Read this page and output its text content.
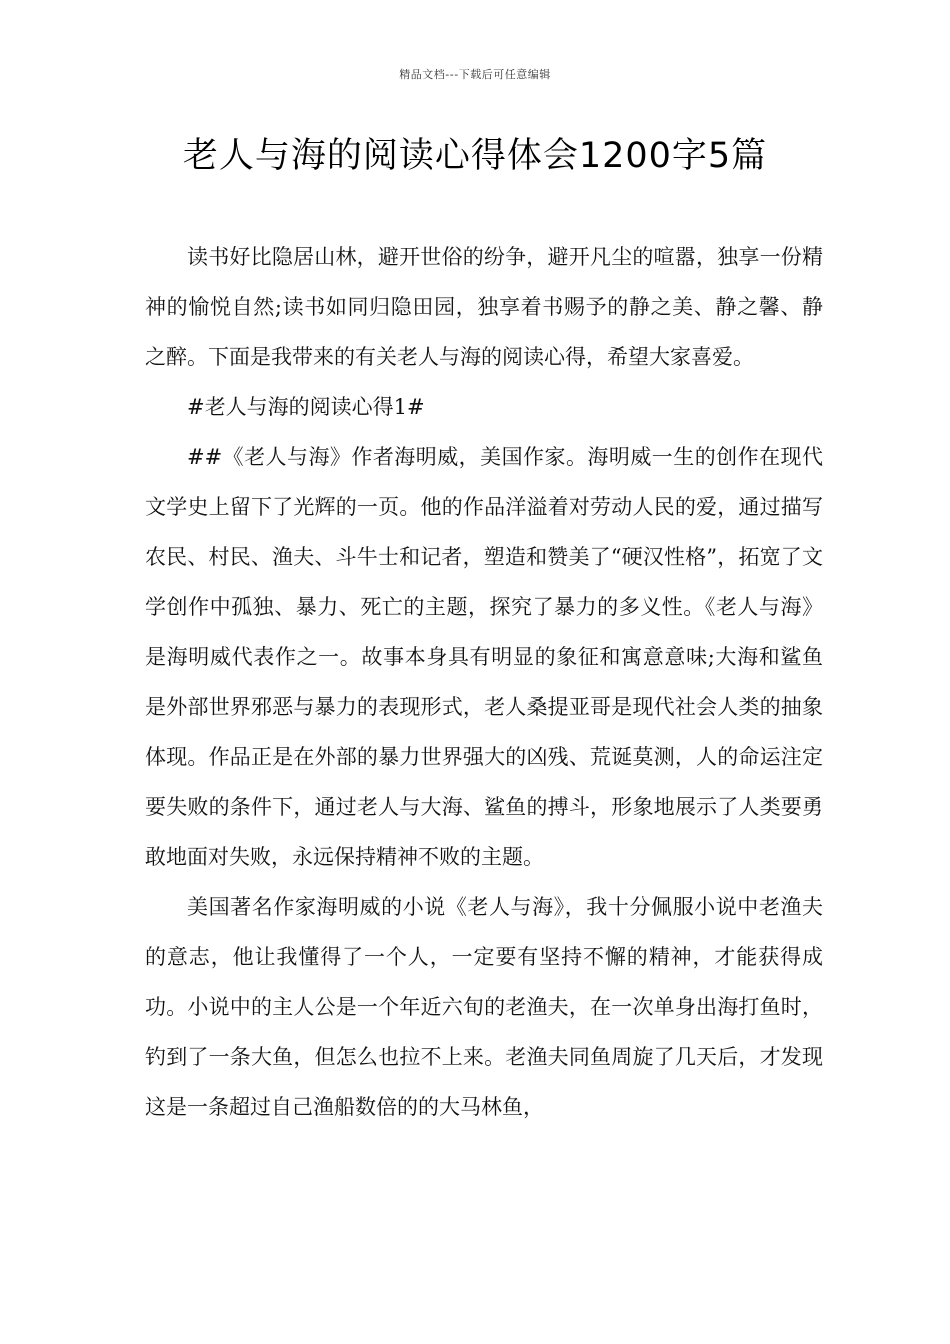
精品文档---下载后可任意编辑
老人与海的阅读心得体会1200字5篇

读书好比隐居山林，避开世俗的纷争，避开凡尘的喧嚣，独享一份精神的愉悦自然;读书如同归隐田园，独享着书赐予的静之美、静之馨、静之醉。下面是我带来的有关老人与海的阅读心得，希望大家喜爱。

#老人与海的阅读心得1#

##《老人与海》作者海明威，美国作家。海明威一生的创作在现代文学史上留下了光辉的一页。他的作品洋溢着对劳动人民的爱，通过描写农民、村民、渔夫、斗牛士和记者，塑造和赞美了“硬汉性格”，拓宽了文学创作中孤独、暴力、死亡的主题，探究了暴力的多义性。《老人与海》是海明威代表作之一。故事本身具有明显的象征和寓意意味;大海和鲨鱼是外部世界邪恶与暴力的表现形式，老人桑提亚哥是现代社会人类的抽象体现。作品正是在外部的暴力世界强大的凶残、荒诞莫测，人的命运注定要失败的条件下，通过老人与大海、鲨鱼的搏斗，形象地展示了人类要勇敢地面对失败，永远保持精神不败的主题。

美国著名作家海明威的小说《老人与海》，我十分佩服小说中老渔夫的意志，他让我懂得了一个人，一定要有坚持不懈的精神，才能获得成功。小说中的主人公是一个年近六旬的老渔夫，在一次单身出海打鱼时，钓到了一条大鱼，但怎么也拉不上来。老渔夫同鱼周旋了几天后，才发现这是一条超过自己渔船数倍的的大马林鱼，
